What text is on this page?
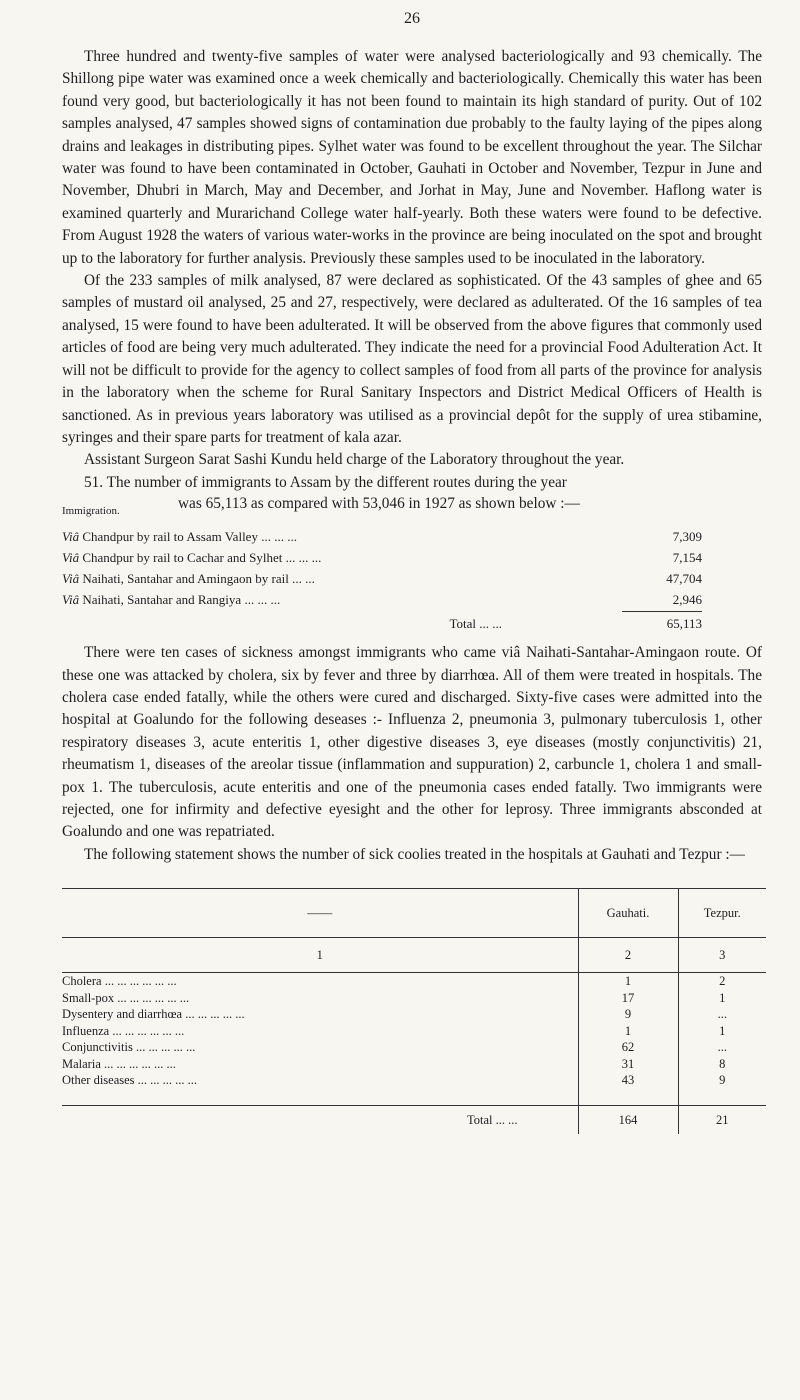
26

Three hundred and twenty-five samples of water were analysed bacteriologically and 93 chemically. The Shillong pipe water was examined once a week chemically and bacteriologically. Chemically this water has been found very good, but bacteriologically it has not been found to maintain its high standard of purity. Out of 102 samples analysed, 47 samples showed signs of contamination due probably to the faulty laying of the pipes along drains and leakages in distributing pipes. Sylhet water was found to be excellent throughout the year. The Silchar water was found to have been contaminated in October, Gauhati in October and November, Tezpur in June and November, Dhubri in March, May and December, and Jorhat in May, June and November. Haflong water is examined quarterly and Murarichand College water half-yearly. Both these waters were found to be defective. From August 1928 the waters of various water-works in the province are being inoculated on the spot and brought up to the laboratory for further analysis. Previously these samples used to be inoculated in the laboratory.

Of the 233 samples of milk analysed, 87 were declared as sophisticated. Of the 43 samples of ghee and 65 samples of mustard oil analysed, 25 and 27, respectively, were declared as adulterated. Of the 16 samples of tea analysed, 15 were found to have been adulterated. It will be observed from the above figures that commonly used articles of food are being very much adulterated. They indicate the need for a provincial Food Adulteration Act. It will not be difficult to provide for the agency to collect samples of food from all parts of the province for analysis in the laboratory when the scheme for Rural Sanitary Inspectors and District Medical Officers of Health is sanctioned. As in previous years laboratory was utilised as a provincial depôt for the supply of urea stibamine, syringes and their spare parts for treatment of kala azar.

Assistant Surgeon Sarat Sashi Kundu held charge of the Laboratory throughout the year.

51. The number of immigrants to Assam by the different routes during the year
Immigration.	was 65,113 as compared with 53,046 in 1927 as shown below :—
Viâ Chandpur by rail to Assam Valley ... ... ...	7,309
Viâ Chandpur by rail to Cachar and Sylhet ... ... ...	7,154
Viâ Naihati, Santahar and Amingaon by rail ... ...	47,704
Viâ Naihati, Santahar and Rangiya ... ... ...	2,946
Total ... ...	65,113

There were ten cases of sickness amongst immigrants who came viâ Naihati-Santahar-Amingaon route. Of these one was attacked by cholera, six by fever and three by diarrhœa. All of them were treated in hospitals. The cholera case ended fatally, while the others were cured and discharged. Sixty-five cases were admitted into the hospital at Goalundo for the following deseases :- Influenza 2, pneumonia 3, pulmonary tuberculosis 1, other respiratory diseases 3, acute enteritis 1, other digestive diseases 3, eye diseases (mostly conjunctivitis) 21, rheumatism 1, diseases of the areolar tissue (inflammation and suppuration) 2, carbuncle 1, cholera 1 and small-pox 1. The tuberculosis, acute enteritis and one of the pneumonia cases ended fatally. Two immigrants were rejected, one for infirmity and defective eyesight and the other for leprosy. Three immigrants absconded at Goalundo and one was repatriated.

The following statement shows the number of sick coolies treated in the hospitals at Gauhati and Tezpur :—

——	Gauhati.	Tezpur.
1	2	3
Cholera ... ... ... ... ... ...	1	2
Small-pox ... ... ... ... ... ...	17	1
Dysentery and diarrhœa ... ... ... ... ...	9	...
Influenza ... ... ... ... ... ...	1	1
Conjunctivitis ... ... ... ... ...	62	...
Malaria ... ... ... ... ... ...	31	8
Other diseases ... ... ... ... ...	43	9

Total ... ...	164	21
